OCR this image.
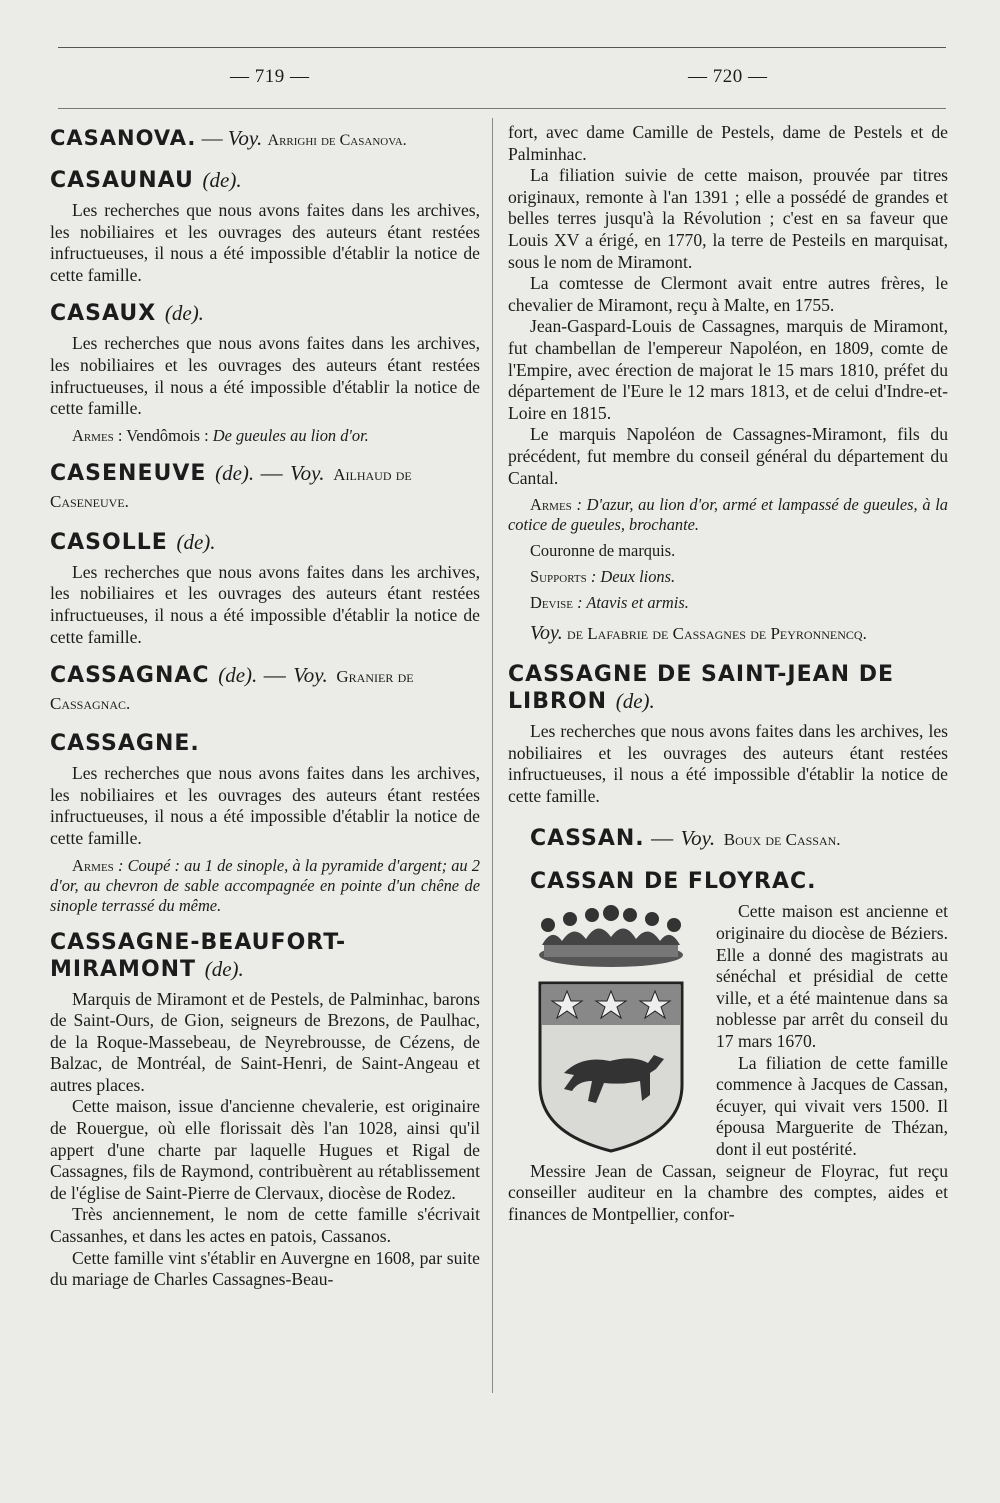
— 719 —	— 720 —
CASANOVA. — Voy. Arrighi de Casanova.
CASAUNAU (de).

Les recherches que nous avons faites dans les archives, les nobiliaires et les ouvrages des auteurs étant restées infructueuses, il nous a été impossible d'établir la notice de cette famille.

CASAUX (de).

Les recherches que nous avons faites dans les archives, les nobiliaires et les ouvrages des auteurs étant restées infructueuses, il nous a été impossible d'établir la notice de cette famille.

Armes : Vendômois : De gueules au lion d'or.

CASENEUVE (de). — Voy. Ailhaud de Caseneuve.
CASOLLE (de).

Les recherches que nous avons faites dans les archives, les nobiliaires et les ouvrages des auteurs étant restées infructueuses, il nous a été impossible d'établir la notice de cette famille.

CASSAGNAC (de). — Voy. Granier de Cassagnac.
CASSAGNE.

Les recherches que nous avons faites dans les archives, les nobiliaires et les ouvrages des auteurs étant restées infructueuses, il nous a été impossible d'établir la notice de cette famille.

Armes : Coupé : au 1 de sinople, à la pyramide d'argent; au 2 d'or, au chevron de sable accompagnée en pointe d'un chêne de sinople terrassé du même.

CASSAGNE-BEAUFORT-MIRAMONT (de).

Marquis de Miramont et de Pestels, de Palminhac, barons de Saint-Ours, de Gion, seigneurs de Brezons, de Paulhac, de la Roque-Massebeau, de Neyrebrousse, de Cézens, de Balzac, de Montréal, de Saint-Henri, de Saint-Angeau et autres places.

Cette maison, issue d'ancienne chevalerie, est originaire de Rouergue, où elle florissait dès l'an 1028, ainsi qu'il appert d'une charte par laquelle Hugues et Rigal de Cassagnes, fils de Raymond, contribuèrent au rétablissement de l'église de Saint-Pierre de Clervaux, diocèse de Rodez.

Très anciennement, le nom de cette famille s'écrivait Cassanhes, et dans les actes en patois, Cassanos.

Cette famille vint s'établir en Auvergne en 1608, par suite du mariage de Charles Cassagnes-Beau-

fort, avec dame Camille de Pestels, dame de Pestels et de Palminhac.

La filiation suivie de cette maison, prouvée par titres originaux, remonte à l'an 1391 ; elle a possédé de grandes et belles terres jusqu'à la Révolution ; c'est en sa faveur que Louis XV a érigé, en 1770, la terre de Pesteils en marquisat, sous le nom de Miramont.

La comtesse de Clermont avait entre autres frères, le chevalier de Miramont, reçu à Malte, en 1755.

Jean-Gaspard-Louis de Cassagnes, marquis de Miramont, fut chambellan de l'empereur Napoléon, en 1809, comte de l'Empire, avec érection de majorat le 15 mars 1810, préfet du département de l'Eure le 12 mars 1813, et de celui d'Indre-et-Loire en 1815.

Le marquis Napoléon de Cassagnes-Miramont, fils du précédent, fut membre du conseil général du département du Cantal.

Armes : D'azur, au lion d'or, armé et lampassé de gueules, à la cotice de gueules, brochante.

Couronne de marquis.

Supports : Deux lions.

Devise : Atavis et armis.

Voy. de Lafabrie de Cassagnes de Peyronnencq.

CASSAGNE DE SAINT-JEAN DE LIBRON (de).

Les recherches que nous avons faites dans les archives, les nobiliaires et les ouvrages des auteurs étant restées infructueuses, il nous a été impossible d'établir la notice de cette famille.

CASSAN. — Voy. Boux de Cassan.
CASSAN DE FLOYRAC.

Cette maison est ancienne et originaire du diocèse de Béziers. Elle a donné des magistrats au sénéchal et présidial de cette ville, et a été maintenue dans sa noblesse par arrêt du conseil du 17 mars 1670.

La filiation de cette famille commence à Jacques de Cassan, écuyer, qui vivait vers 1500. Il épousa Marguerite de Thézan, dont il eut postérité.

Messire Jean de Cassan, seigneur de Floyrac, fut reçu conseiller auditeur en la chambre des comptes, aides et finances de Montpellier, confor-
